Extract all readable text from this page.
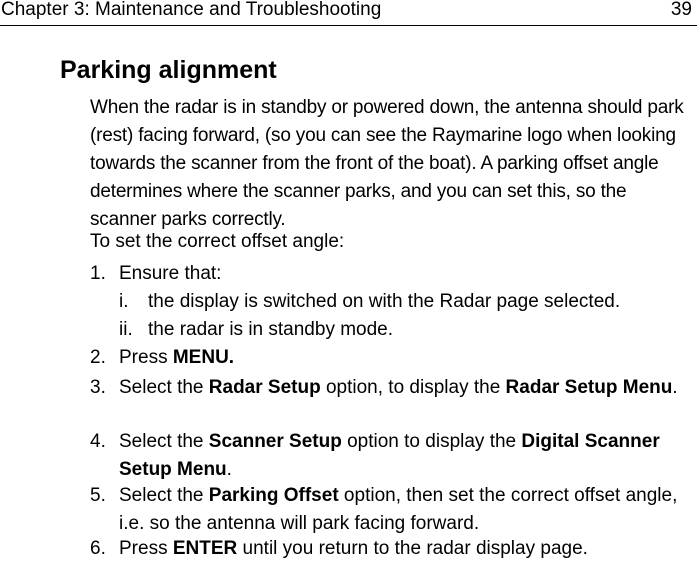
Chapter 3: Maintenance and Troubleshooting	39
Parking alignment

When the radar is in standby or powered down, the antenna should park (rest) facing forward, (so you can see the Raymarine logo when looking towards the scanner from the front of the boat). A parking offset angle determines where the scanner parks, and you can set this, so the scanner parks correctly.

To set the correct offset angle:

1. Ensure that:
i. the display is switched on with the Radar page selected.
ii. the radar is in standby mode.
2. Press MENU.
3. Select the Radar Setup option, to display the Radar Setup Menu.
4. Select the Scanner Setup option to display the Digital Scanner Setup Menu.
5. Select the Parking Offset option, then set the correct offset angle, i.e. so the antenna will park facing forward.
6. Press ENTER until you return to the radar display page.
